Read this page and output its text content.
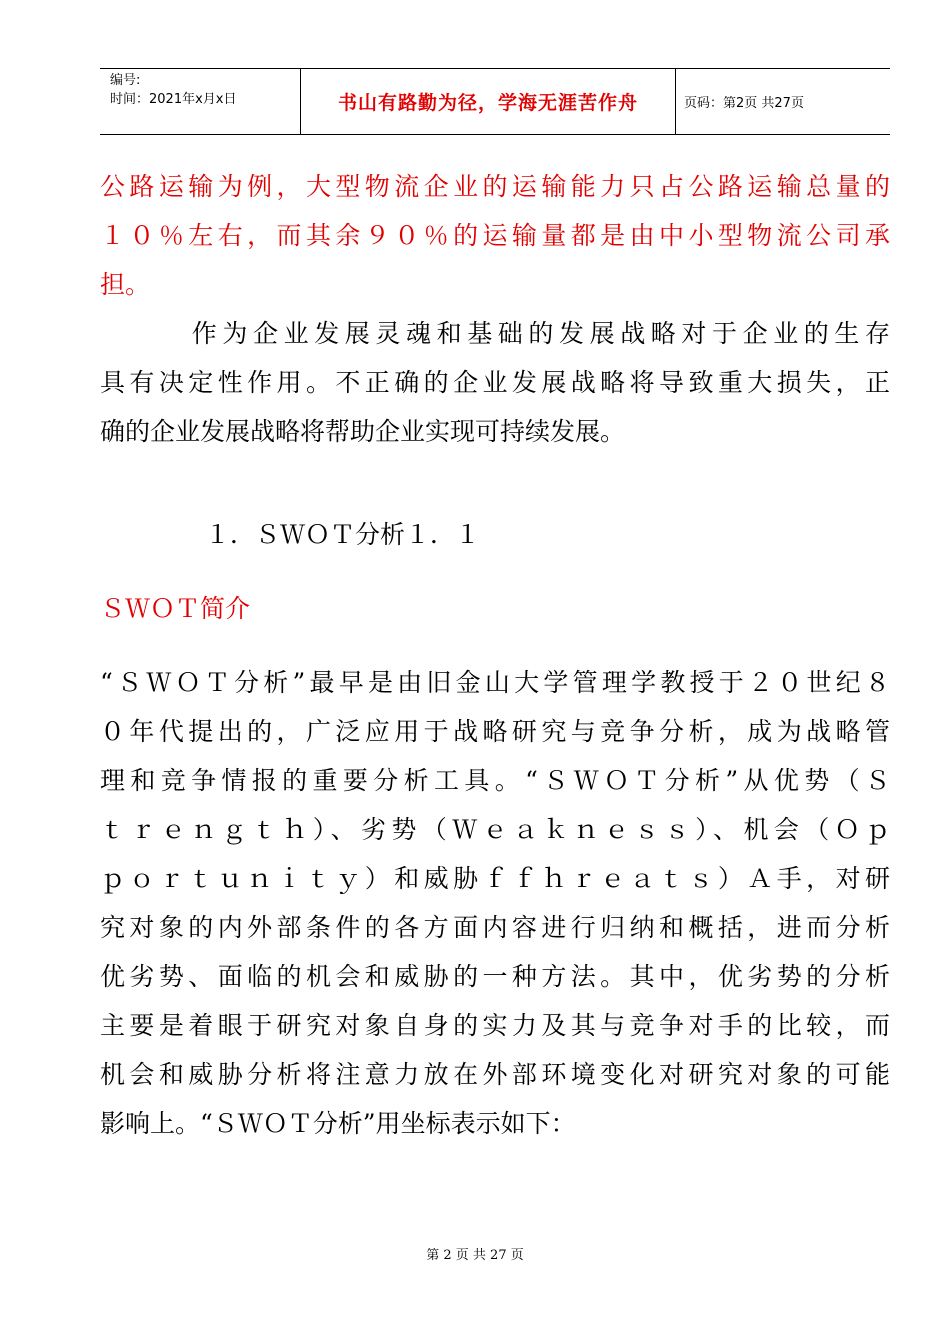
编号:
时间：2021年x月x日	书山有路勤为径，学海无涯苦作舟	页码：第2页 共27页
公路运输为例，大型物流企业的运输能力只占公路运输总量的
１０％左右，而其余９０％的运输量都是由中小型物流公司承
担。
　　　作为企业发展灵魂和基础的发展战略对于企业的生存
具有决定性作用。不正确的企业发展战略将导致重大损失，正
确的企业发展战略将帮助企业实现可持续发展。
１．ＳＷＯＴ分析１．１
ＳＷＯＴ简介
“ＳＷＯＴ分析”最早是由旧金山大学管理学教授于２０世纪８
０年代提出的，广泛应用于战略研究与竞争分析，成为战略管
理和竞争情报的重要分析工具。“ＳＷＯＴ分析”从优势（Ｓ
ｔｒｅｎｇｔｈ）、劣势（Ｗｅａｋｎｅｓｓ）、机会（Ｏｐ
ｐｏｒｔｕｎｉｔｙ）和威胁ｆｆｈｒｅａｔｓ）Ａ手，对研
究对象的内外部条件的各方面内容进行归纳和概括，进而分析
优劣势、面临的机会和威胁的一种方法。其中，优劣势的分析
主要是着眼于研究对象自身的实力及其与竞争对手的比较，而
机会和威胁分析将注意力放在外部环境变化对研究对象的可能
影响上。“ＳＷＯＴ分析”用坐标表示如下：
第 2 页 共 27 页
